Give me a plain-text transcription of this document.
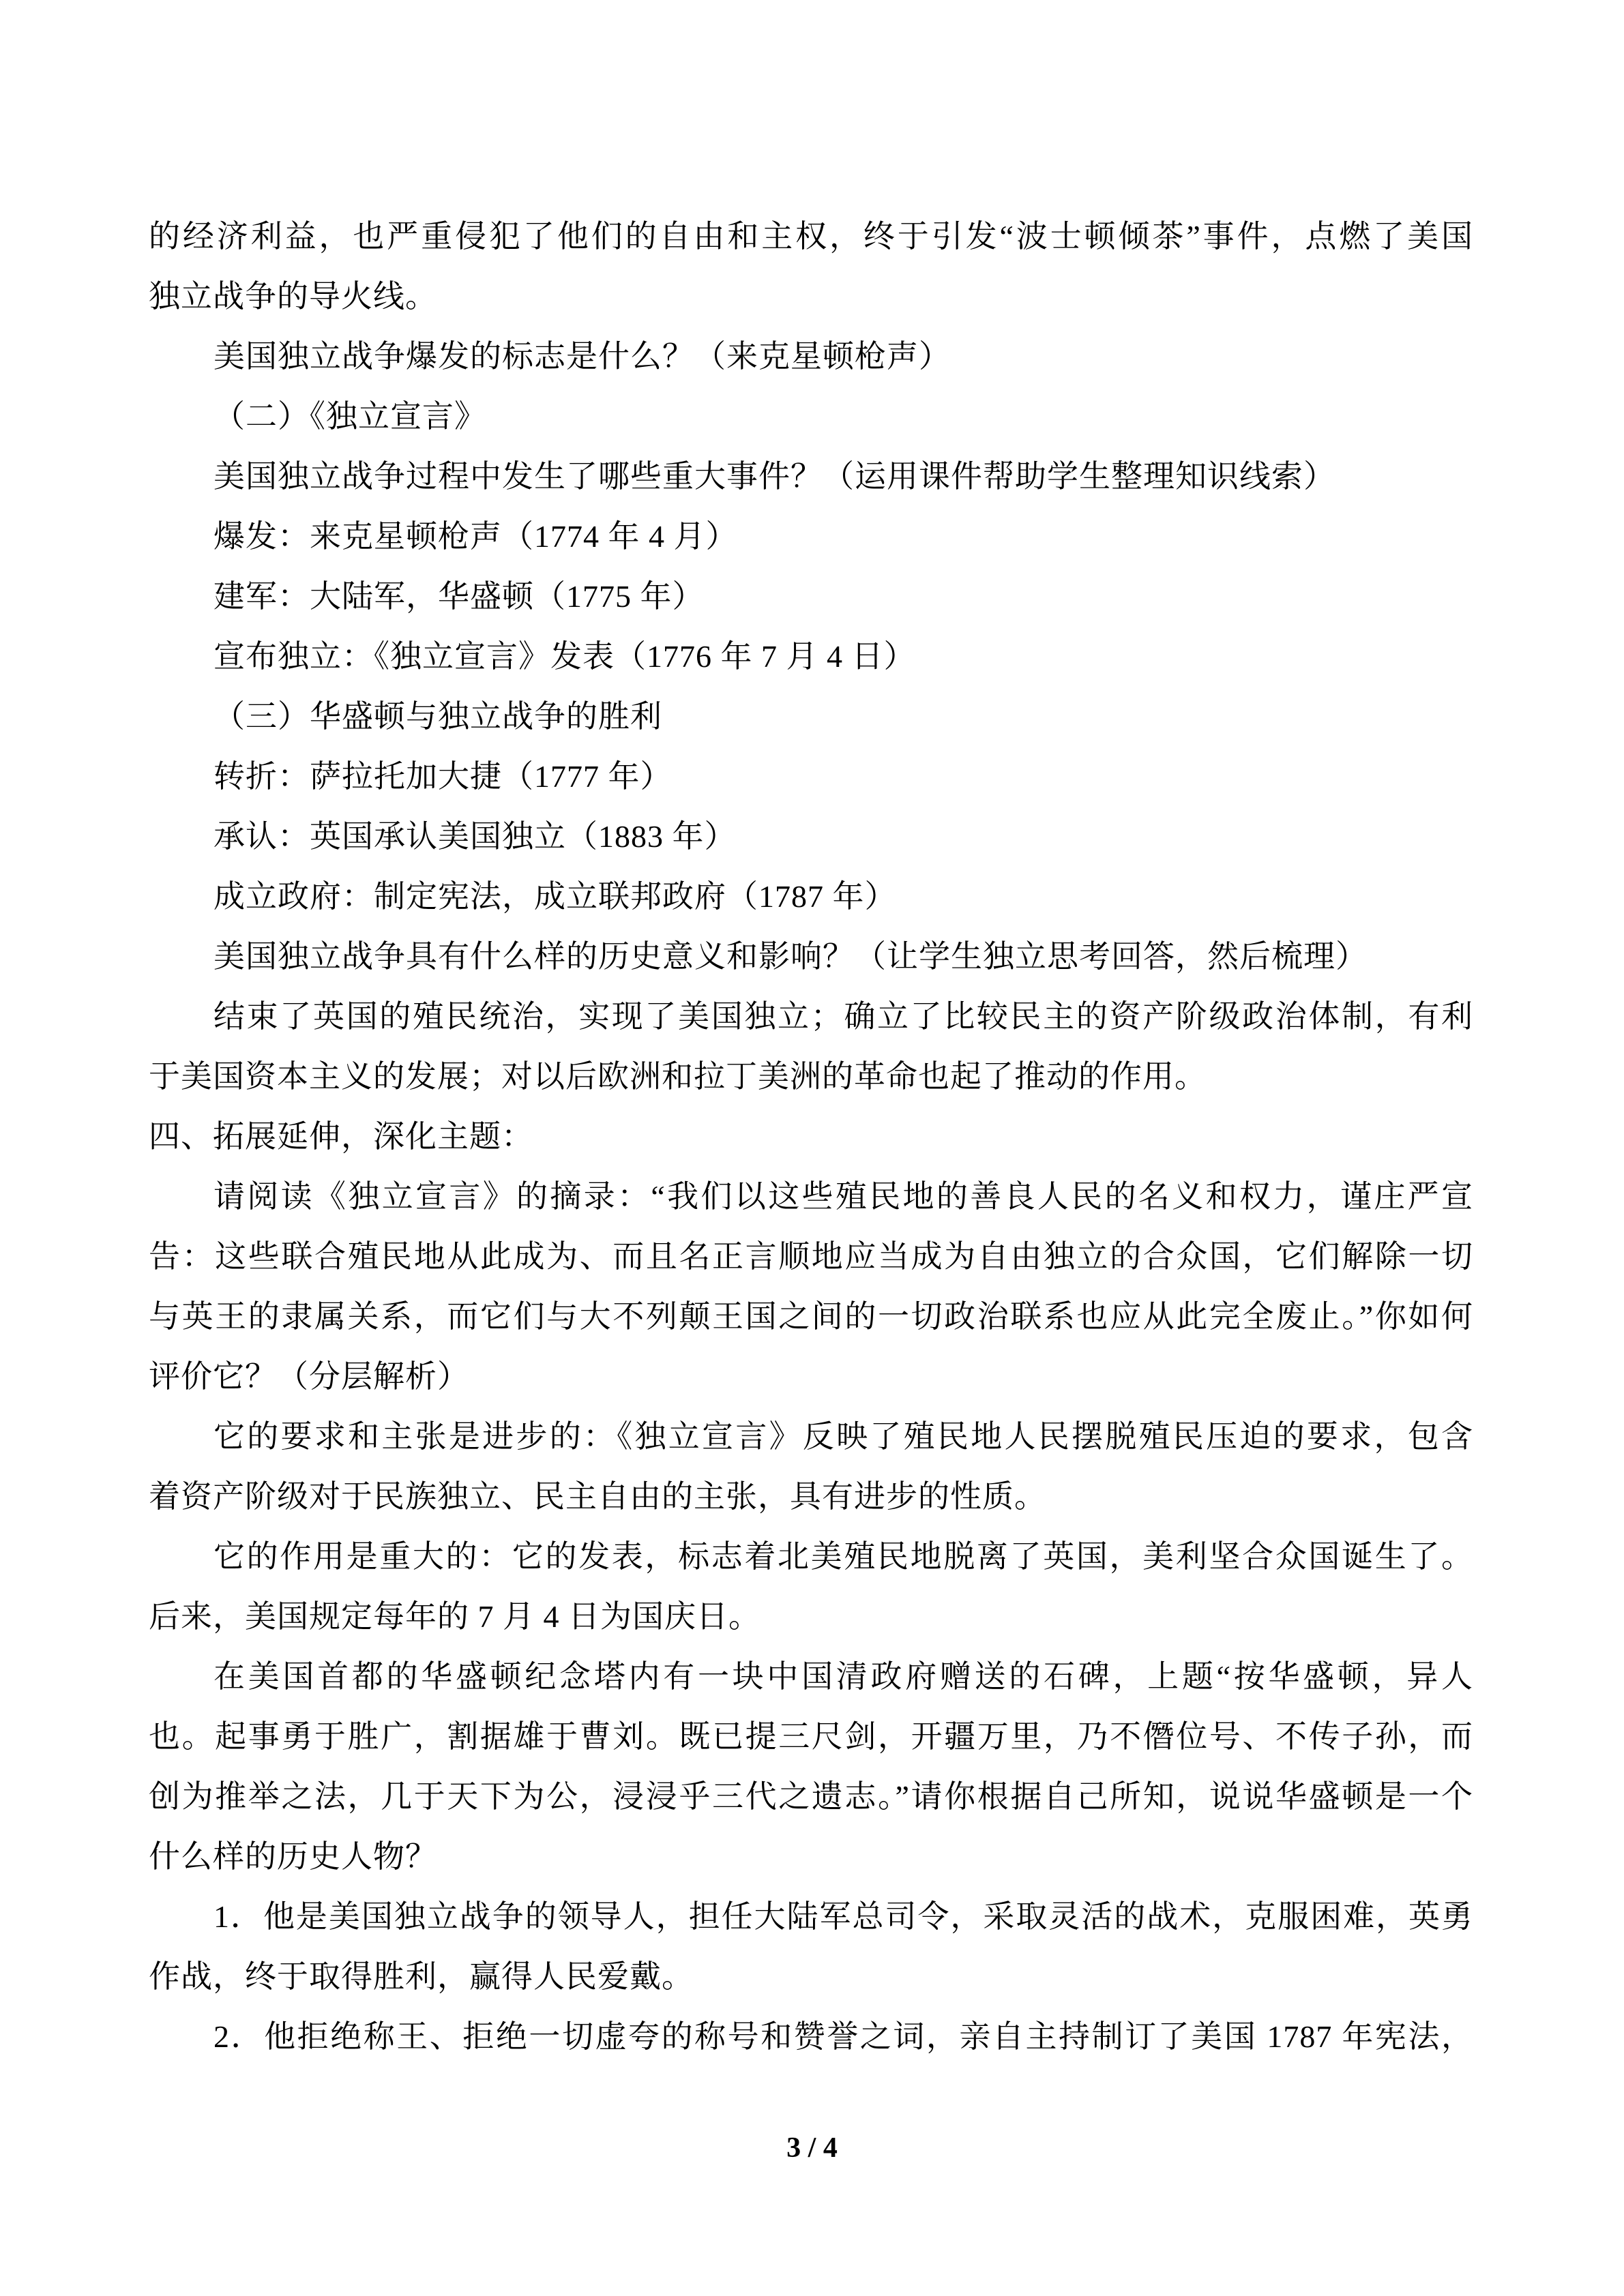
的经济利益，也严重侵犯了他们的自由和主权，终于引发“波士顿倾茶”事件，点燃了美国
独立战争的导火线。
美国独立战争爆发的标志是什么？（来克星顿枪声）
（二）《独立宣言》
美国独立战争过程中发生了哪些重大事件？（运用课件帮助学生整理知识线索）
爆发：来克星顿枪声（1774 年 4 月）
建军：大陆军，华盛顿（1775 年）
宣布独立：《独立宣言》发表（1776 年 7 月 4 日）
（三）华盛顿与独立战争的胜利
转折：萨拉托加大捷（1777 年）
承认：英国承认美国独立（1883 年）
成立政府：制定宪法，成立联邦政府（1787 年）
美国独立战争具有什么样的历史意义和影响？（让学生独立思考回答，然后梳理）
结束了英国的殖民统治，实现了美国独立；确立了比较民主的资产阶级政治体制，有利
于美国资本主义的发展；对以后欧洲和拉丁美洲的革命也起了推动的作用。
四、拓展延伸，深化主题：
请阅读《独立宣言》的摘录：“我们以这些殖民地的善良人民的名义和权力，谨庄严宣
告：这些联合殖民地从此成为、而且名正言顺地应当成为自由独立的合众国，它们解除一切
与英王的隶属关系，而它们与大不列颠王国之间的一切政治联系也应从此完全废止。”你如何
评价它？（分层解析）
它的要求和主张是进步的：《独立宣言》反映了殖民地人民摆脱殖民压迫的要求，包含
着资产阶级对于民族独立、民主自由的主张，具有进步的性质。
它的作用是重大的：它的发表，标志着北美殖民地脱离了英国，美利坚合众国诞生了。
后来，美国规定每年的 7 月 4 日为国庆日。
在美国首都的华盛顿纪念塔内有一块中国清政府赠送的石碑，上题“按华盛顿，异人
也。起事勇于胜广，割据雄于曹刘。既已提三尺剑，开疆万里，乃不僭位号、不传子孙，而
创为推举之法，几于天下为公，浸浸乎三代之遗志。”请你根据自己所知，说说华盛顿是一个
什么样的历史人物？
1．他是美国独立战争的领导人，担任大陆军总司令，采取灵活的战术，克服困难，英勇
作战，终于取得胜利，赢得人民爱戴。
2．他拒绝称王、拒绝一切虚夸的称号和赞誉之词，亲自主持制订了美国 1787 年宪法，
3 / 4
